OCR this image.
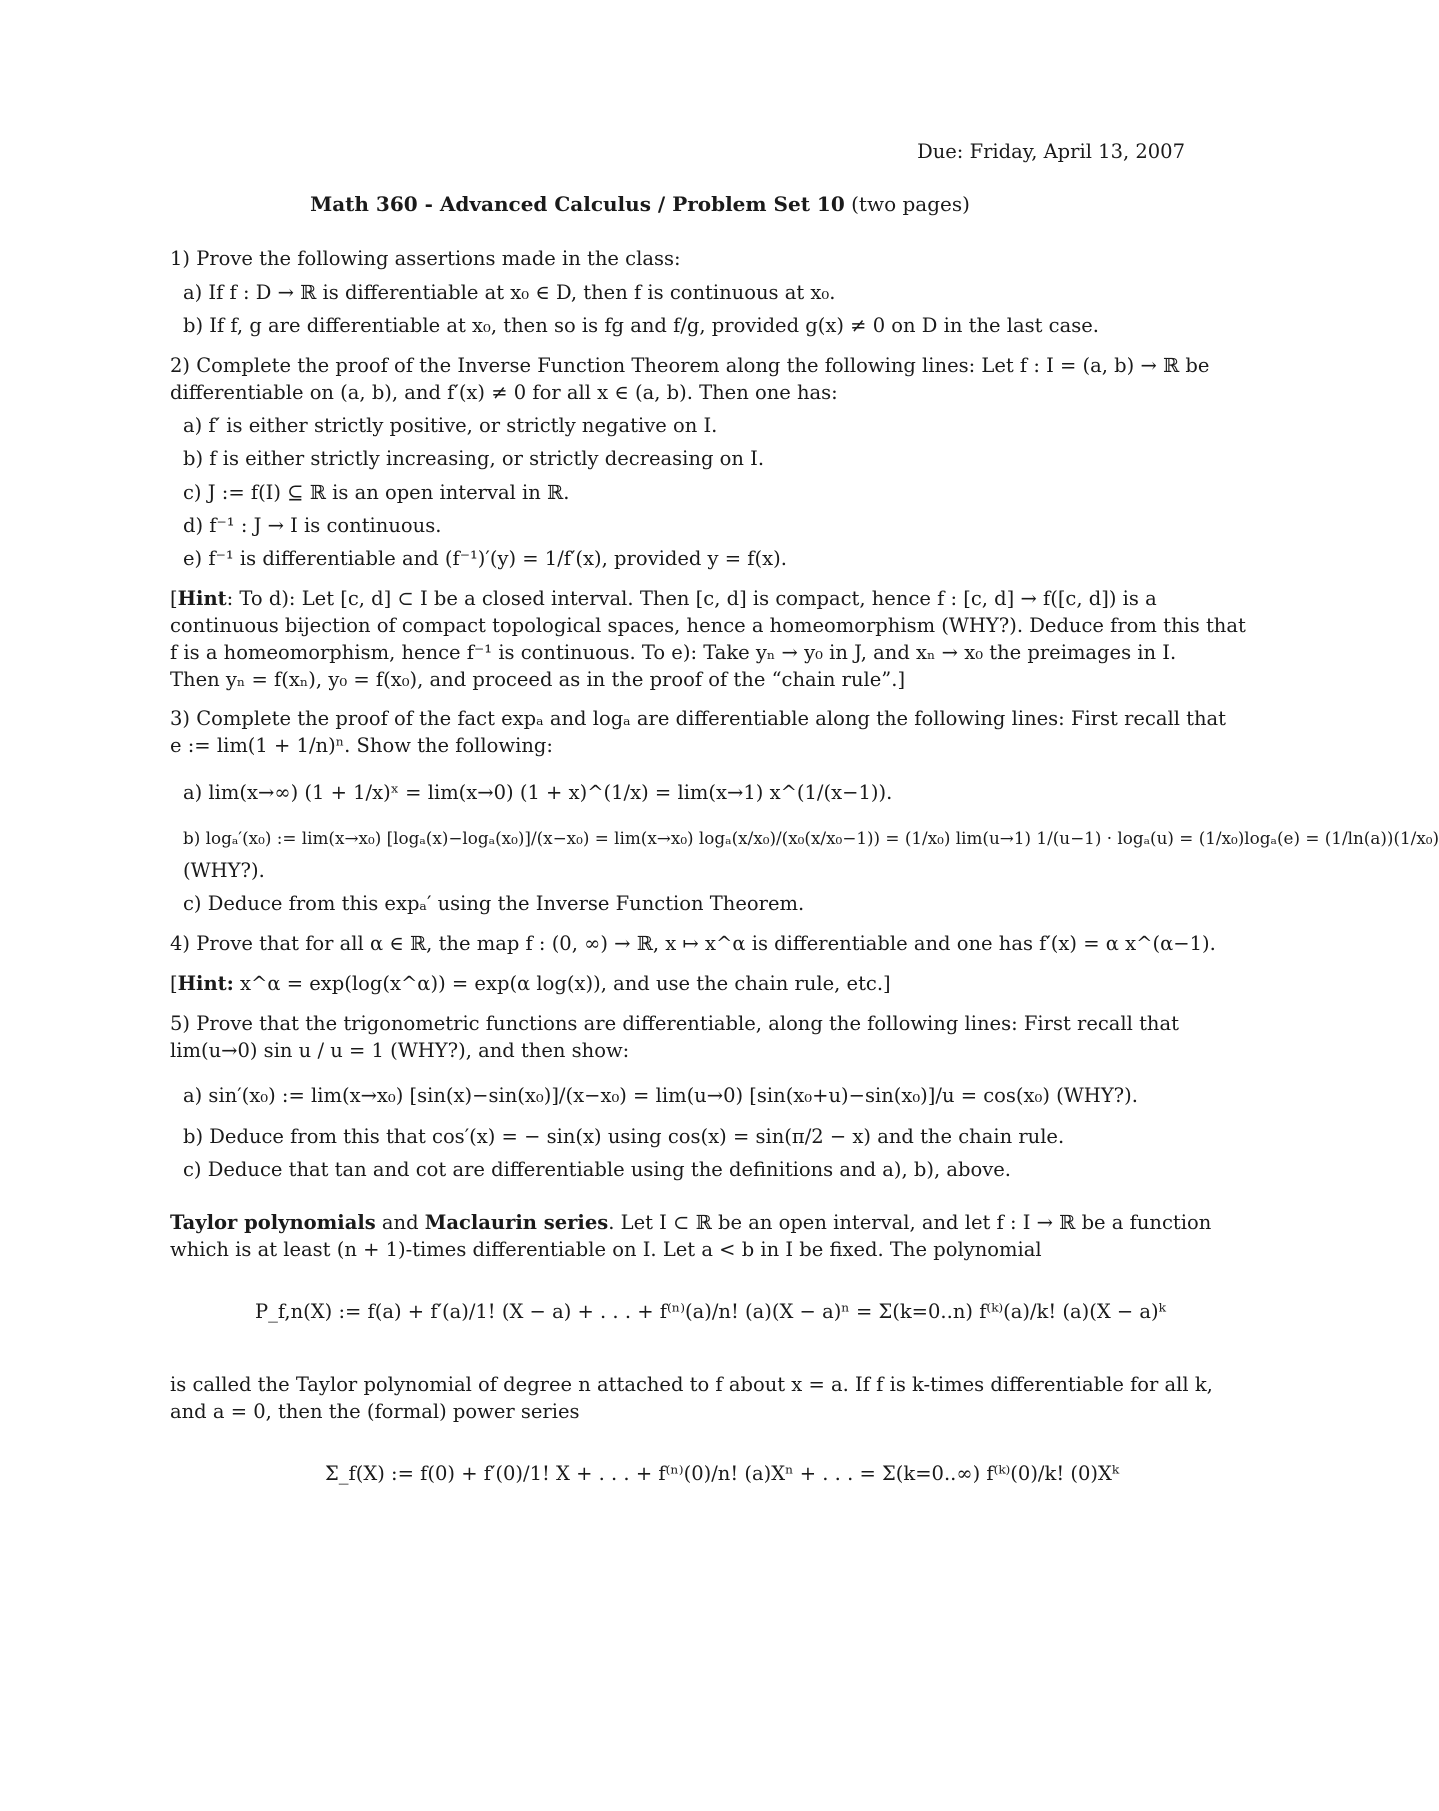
Due: Friday, April 13, 2007
Math 360 - Advanced Calculus / Problem Set 10 (two pages)
1) Prove the following assertions made in the class:
a) If f : D → ℝ is differentiable at x₀ ∈ D, then f is continuous at x₀.
b) If f, g are differentiable at x₀, then so is fg and f/g, provided g(x) ≠ 0 on D in the last case.
2) Complete the proof of the Inverse Function Theorem along the following lines: Let f : I = (a, b) → ℝ be
differentiable on (a, b), and f′(x) ≠ 0 for all x ∈ (a, b). Then one has:
a) f′ is either strictly positive, or strictly negative on I.
b) f is either strictly increasing, or strictly decreasing on I.
c) J := f(I) ⊆ ℝ is an open interval in ℝ.
d) f⁻¹ : J → I is continuous.
e) f⁻¹ is differentiable and (f⁻¹)′(y) = 1/f′(x), provided y = f(x).
[Hint: To d): Let [c, d] ⊂ I be a closed interval. Then [c, d] is compact, hence f : [c, d] → f([c, d]) is a
continuous bijection of compact topological spaces, hence a homeomorphism (WHY?). Deduce from this that
f is a homeomorphism, hence f⁻¹ is continuous. To e): Take yₙ → y₀ in J, and xₙ → x₀ the preimages in I.
Then yₙ = f(xₙ), y₀ = f(x₀), and proceed as in the proof of the “chain rule”.]
3) Complete the proof of the fact expₐ and logₐ are differentiable along the following lines: First recall that
e := lim(1 + 1/n)ⁿ. Show the following:
a) lim(x→∞) (1 + 1/x)ˣ = lim(x→0) (1 + x)^(1/x) = lim(x→1) x^(1/(x−1)).
b) logₐ′(x₀) := lim(x→x₀) [logₐ(x)−logₐ(x₀)]/(x−x₀) = lim(x→x₀) logₐ(x/x₀)/(x₀(x/x₀−1)) = (1/x₀) lim(u→1) 1/(u−1) · logₐ(u) = (1/x₀)logₐ(e) = (1/ln(a))(1/x₀)
(WHY?).
c) Deduce from this expₐ′ using the Inverse Function Theorem.
4) Prove that for all α ∈ ℝ, the map f : (0, ∞) → ℝ, x ↦ x^α is differentiable and one has f′(x) = α x^(α−1).
[Hint: x^α = exp(log(x^α)) = exp(α log(x)), and use the chain rule, etc.]
5) Prove that the trigonometric functions are differentiable, along the following lines: First recall that
lim(u→0) sin u / u = 1 (WHY?), and then show:
a) sin′(x₀) := lim(x→x₀) [sin(x)−sin(x₀)]/(x−x₀) = lim(u→0) [sin(x₀+u)−sin(x₀)]/u = cos(x₀) (WHY?).
b) Deduce from this that cos′(x) = − sin(x) using cos(x) = sin(π/2 − x) and the chain rule.
c) Deduce that tan and cot are differentiable using the definitions and a), b), above.
Taylor polynomials and Maclaurin series. Let I ⊂ ℝ be an open interval, and let f : I → ℝ be a function
which is at least (n + 1)-times differentiable on I. Let a < b in I be fixed. The polynomial
P_f,n(X) := f(a) + f′(a)/1! (X − a) + . . . + f⁽ⁿ⁾(a)/n! (a)(X − a)ⁿ = Σ(k=0..n) f⁽ᵏ⁾(a)/k! (a)(X − a)ᵏ
is called the Taylor polynomial of degree n attached to f about x = a. If f is k-times differentiable for all k,
and a = 0, then the (formal) power series
Σ_f(X) := f(0) + f′(0)/1! X + . . . + f⁽ⁿ⁾(0)/n! (a)Xⁿ + . . . = Σ(k=0..∞) f⁽ᵏ⁾(0)/k! (0)Xᵏ
